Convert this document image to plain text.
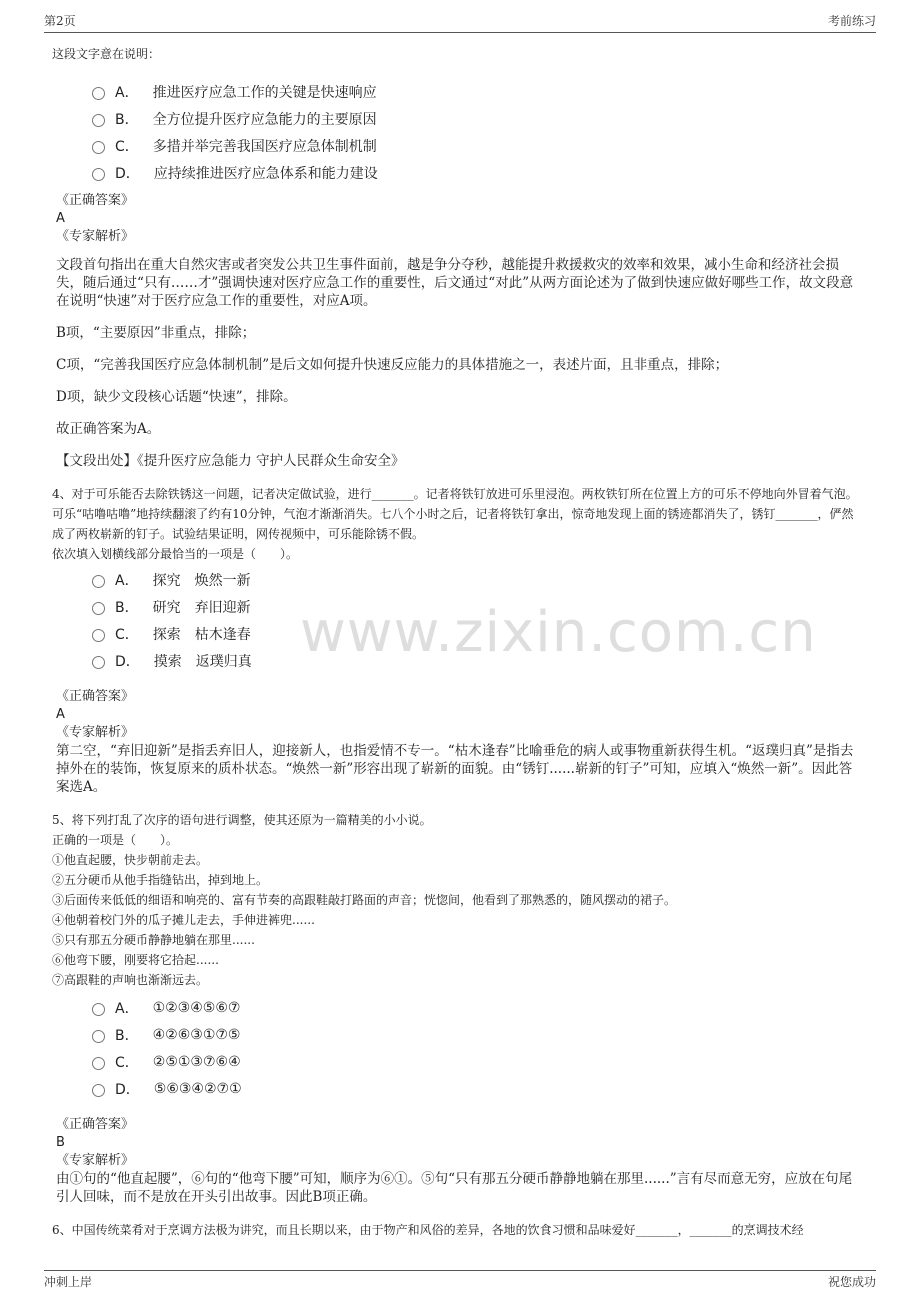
第2页	考前练习
www.zixin.com.cn

这段文字意在说明：

A． 推进医疗应急工作的关键是快速响应
B． 全方位提升医疗应急能力的主要原因
C． 多措并举完善我国医疗应急体制机制
D． 应持续推进医疗应急体系和能力建设

《正确答案》

A

《专家解析》

文段首句指出在重大自然灾害或者突发公共卫生事件面前，越是争分夺秒，越能提升救援救灾的效率和效果，减小生命和经济社会损失，随后通过“只有……才”强调快速对医疗应急工作的重要性，后文通过“对此”从两方面论述为了做到快速应做好哪些工作，故文段意在说明“快速”对于医疗应急工作的重要性，对应A项。

B项，“主要原因”非重点，排除；

C项，“完善我国医疗应急体制机制”是后文如何提升快速反应能力的具体措施之一，表述片面，且非重点，排除；

D项，缺少文段核心话题“快速”，排除。

故正确答案为A。

【文段出处】《提升医疗应急能力 守护人民群众生命安全》

4、对于可乐能否去除铁锈这一问题，记者决定做试验，进行_______。记者将铁钉放进可乐里浸泡。两枚铁钉所在位置上方的可乐不停地向外冒着气泡。可乐“咕噜咕噜”地持续翻滚了约有10分钟，气泡才渐渐消失。七八个小时之后，记者将铁钉拿出，惊奇地发现上面的锈迹都消失了，锈钉_______，俨然成了两枚崭新的钉子。试验结果证明，网传视频中，可乐能除锈不假。

依次填入划横线部分最恰当的一项是（　　）。

A． 探究　焕然一新
B． 研究　弃旧迎新
C． 探索　枯木逢春
D． 摸索　返璞归真

《正确答案》

A

《专家解析》

第二空，“弃旧迎新”是指丢弃旧人，迎接新人，也指爱情不专一。“枯木逢春”比喻垂危的病人或事物重新获得生机。“返璞归真”是指去掉外在的装饰，恢复原来的质朴状态。“焕然一新”形容出现了崭新的面貌。由“锈钉......崭新的钉子”可知，应填入“焕然一新”。因此答案选A。

5、将下列打乱了次序的语句进行调整，使其还原为一篇精美的小小说。

正确的一项是（　　）。

①他直起腰，快步朝前走去。

②五分硬币从他手指缝钻出，掉到地上。

③后面传来低低的细语和响亮的、富有节奏的高跟鞋敲打路面的声音；恍惚间，他看到了那熟悉的，随风摆动的裙子。

④他朝着校门外的瓜子摊儿走去，手伸进裤兜......

⑤只有那五分硬币静静地躺在那里......

⑥他弯下腰，刚要将它拾起......

⑦高跟鞋的声响也渐渐远去。

A． ①②③④⑤⑥⑦
B． ④②⑥③①⑦⑤
C． ②⑤①③⑦⑥④
D． ⑤⑥③④②⑦①

《正确答案》

B

《专家解析》

由①句的“他直起腰”，⑥句的“他弯下腰”可知，顺序为⑥①。⑤句“只有那五分硬币静静地躺在那里......”言有尽而意无穷，应放在句尾引人回味，而不是放在开头引出故事。因此B项正确。

6、中国传统菜肴对于烹调方法极为讲究，而且长期以来，由于物产和风俗的差异，各地的饮食习惯和品味爱好_______，_______的烹调技术经

冲刺上岸	祝您成功
